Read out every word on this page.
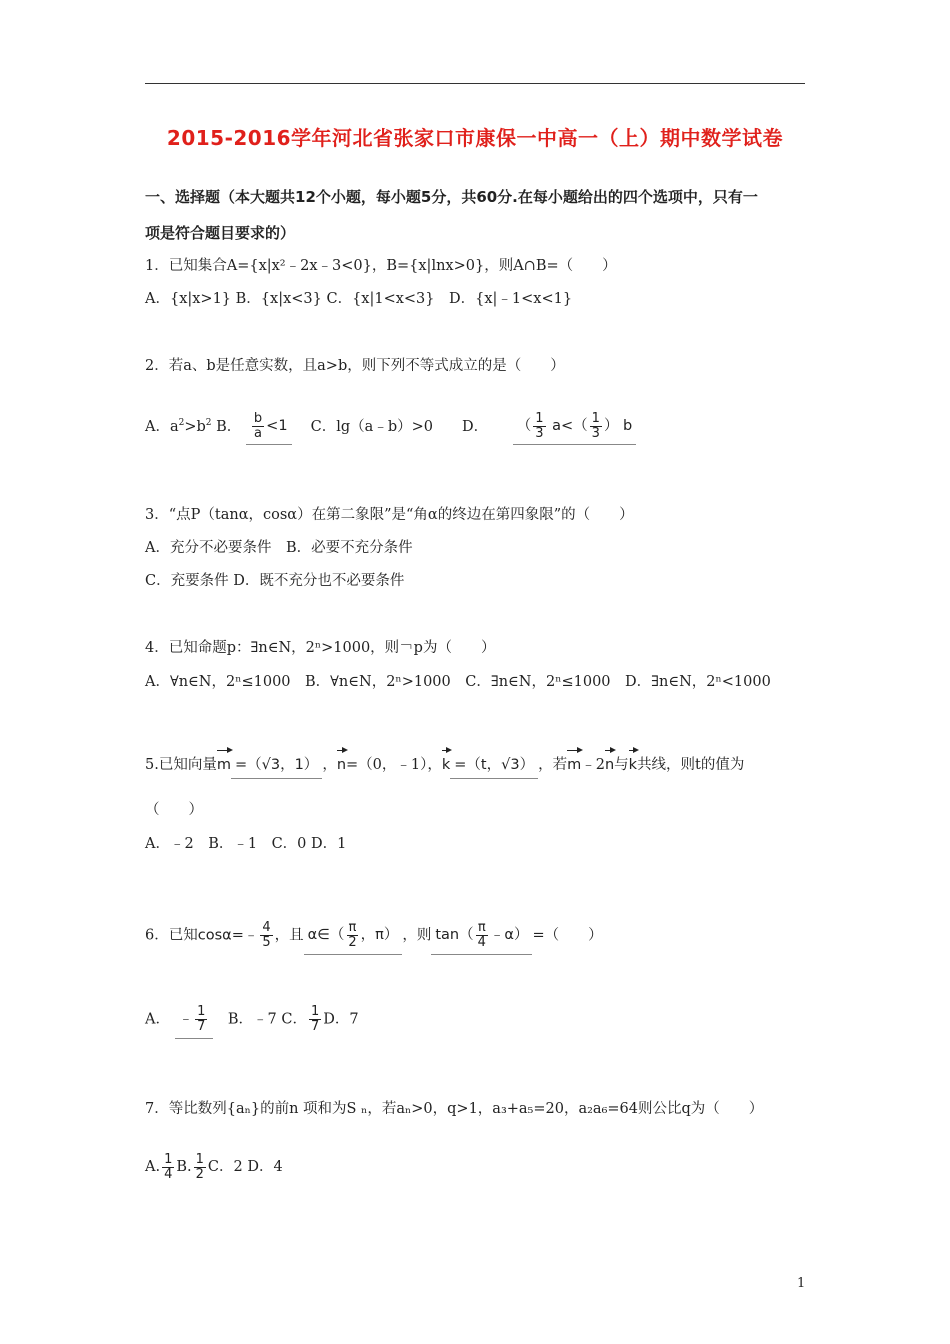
2015-2016学年河北省张家口市康保一中高一（上）期中数学试卷
一、选择题（本大题共12个小题，每小题5分，共60分.在每小题给出的四个选项中，只有一
项是符合题目要求的）
1．已知集合A={x|x²﹣2x﹣3<0}，B={x|lnx>0}，则A∩B=（　　）
A．{x|x>1} B．{x|x<3} C．{x|1<x<3}　D．{x|﹣1<x<1}
2．若a、b是任意实数，且a>b，则下列不等式成立的是（　　）
A．$a^2>b^2$ B． $\frac{b}{a} <1$ 　C．lg（a﹣b）>0　　D． （ $\frac{1}{3} a<( \frac{1}{3}$ ） b
3．“点P（tanα，cosα）在第二象限”是“角α的终边在第四象限”的（　　）
A．充分不必要条件　B．必要不充分条件
C．充要条件 D．既不充分也不必要条件
4．已知命题p：∃n∈N，2ⁿ>1000，则￢p为（　　）
A．∀n∈N，2ⁿ≤1000　B．∀n∈N，2ⁿ>1000　C．∃n∈N，2ⁿ≤1000　D．∃n∈N，2ⁿ<1000
5.已知向量m =（√3，1） ，n=（0，﹣1），k =（t，√3） ，若m﹣2n与k共线，则t的值为
（　　）
A．﹣2　B．﹣1　C．0 D．1
6．已知cosα=﹣ $\frac{4}{5}$ ，且 α∈（ $\frac{\pi}{2}$ ，π） ，则 $\tan( \frac{\pi}{4}$ ﹣α） =（　　）
A． ﹣ $\frac{1}{7}$ 　B．﹣7 C． $\frac{1}{7}$ D．7
7．等比数列{aₙ}的前n 项和为S ₙ，若aₙ>0，q>1，a₃+a₅=20，a₂a₆=64则公比q为（　　）
A. $\frac{1}{4} B$. $\frac{1}{2}$ C．2 D．4
1
